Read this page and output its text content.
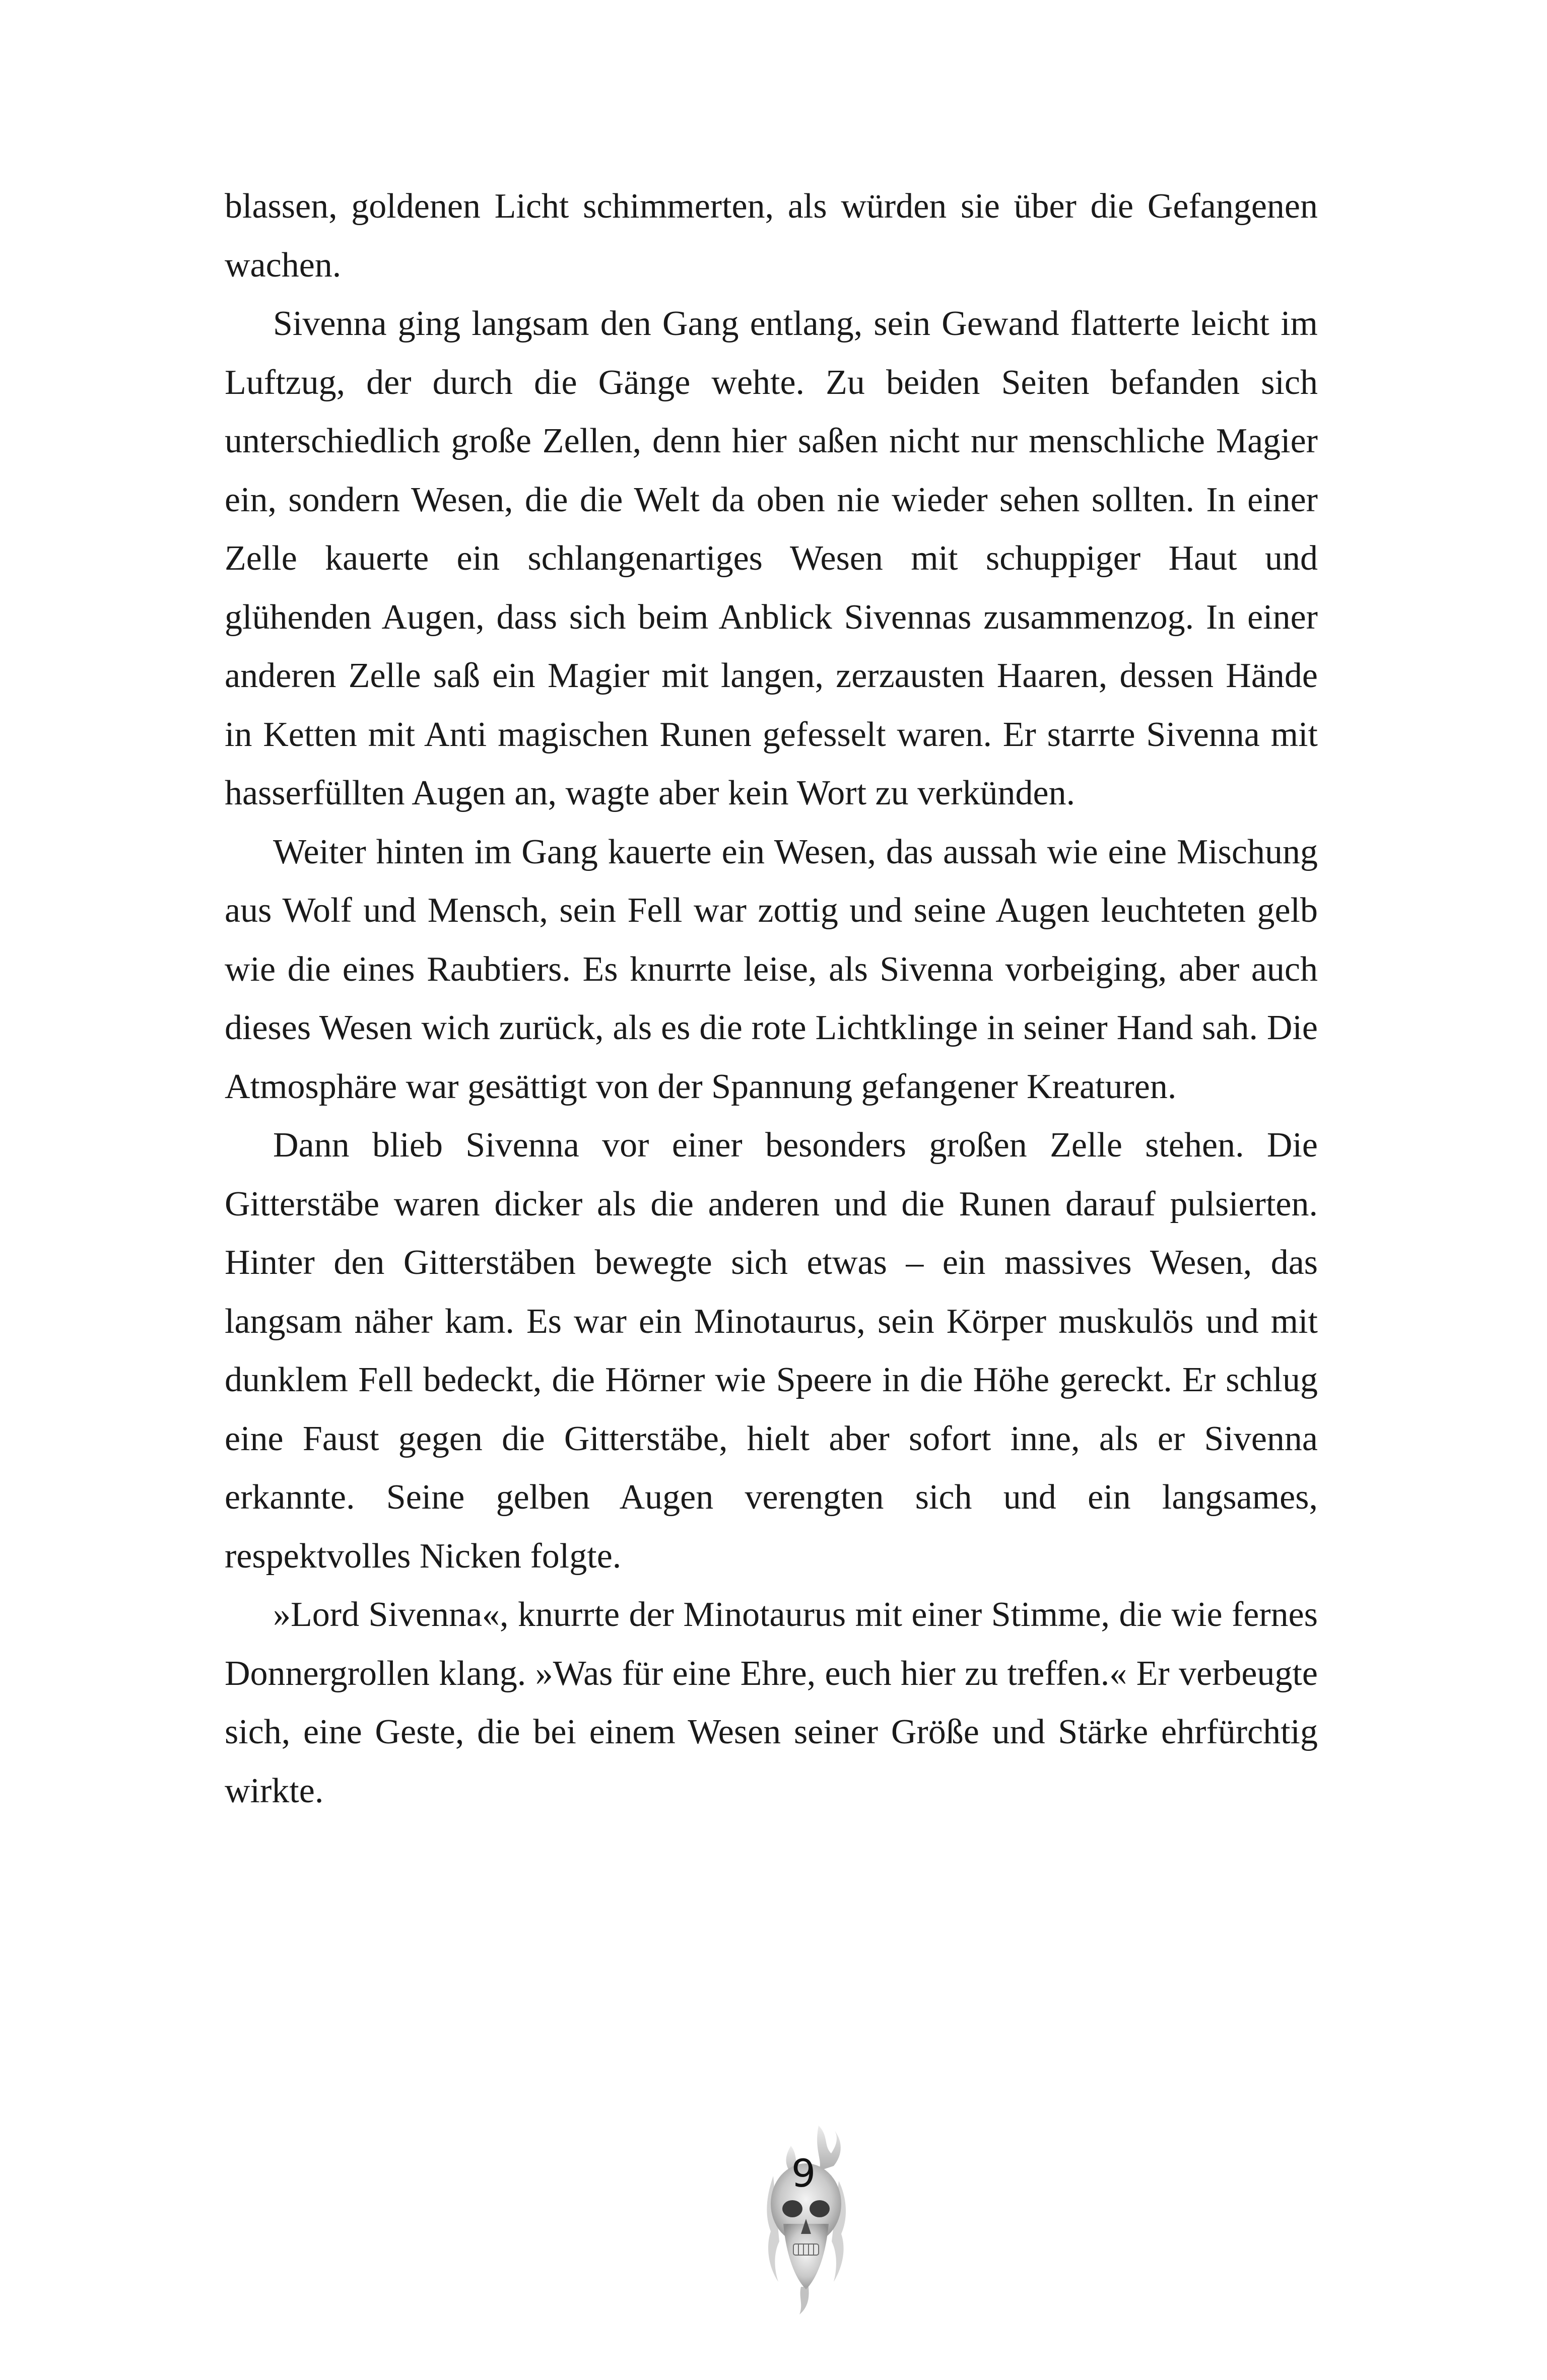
blassen, goldenen Licht schimmerten, als würden sie über die Gefangenen wachen.

Sivenna ging langsam den Gang entlang, sein Gewand flatterte leicht im Luftzug, der durch die Gänge wehte. Zu beiden Seiten befanden sich unterschiedlich große Zellen, denn hier saßen nicht nur menschliche Magier ein, sondern Wesen, die die Welt da oben nie wieder sehen sollten. In einer Zelle kauerte ein schlangenartiges Wesen mit schuppiger Haut und glühenden Augen, dass sich beim Anblick Sivennas zusammenzog. In einer anderen Zelle saß ein Magier mit langen, zerzausten Haaren, dessen Hände in Ketten mit Anti magischen Runen gefesselt waren. Er starrte Sivenna mit hasserfüllten Augen an, wagte aber kein Wort zu verkünden.

Weiter hinten im Gang kauerte ein Wesen, das aussah wie eine Mischung aus Wolf und Mensch, sein Fell war zottig und seine Augen leuchteten gelb wie die eines Raubtiers. Es knurrte leise, als Sivenna vorbeiging, aber auch dieses Wesen wich zurück, als es die rote Lichtklinge in seiner Hand sah. Die Atmosphäre war gesättigt von der Spannung gefangener Kreaturen.

Dann blieb Sivenna vor einer besonders großen Zelle stehen. Die Gitterstäbe waren dicker als die anderen und die Runen darauf pulsierten. Hinter den Gitterstäben bewegte sich etwas – ein massives Wesen, das langsam näher kam. Es war ein Minotaurus, sein Körper muskulös und mit dunklem Fell bedeckt, die Hörner wie Speere in die Höhe gereckt. Er schlug eine Faust gegen die Gitterstäbe, hielt aber sofort inne, als er Sivenna erkannte. Seine gelben Augen verengten sich und ein langsames, respektvolles Nicken folgte.

»Lord Sivenna«, knurrte der Minotaurus mit einer Stimme, die wie fernes Donnergrollen klang. »Was für eine Ehre, euch hier zu treffen.« Er verbeugte sich, eine Geste, die bei einem Wesen seiner Größe und Stärke ehrfürchtig wirkte.

9
